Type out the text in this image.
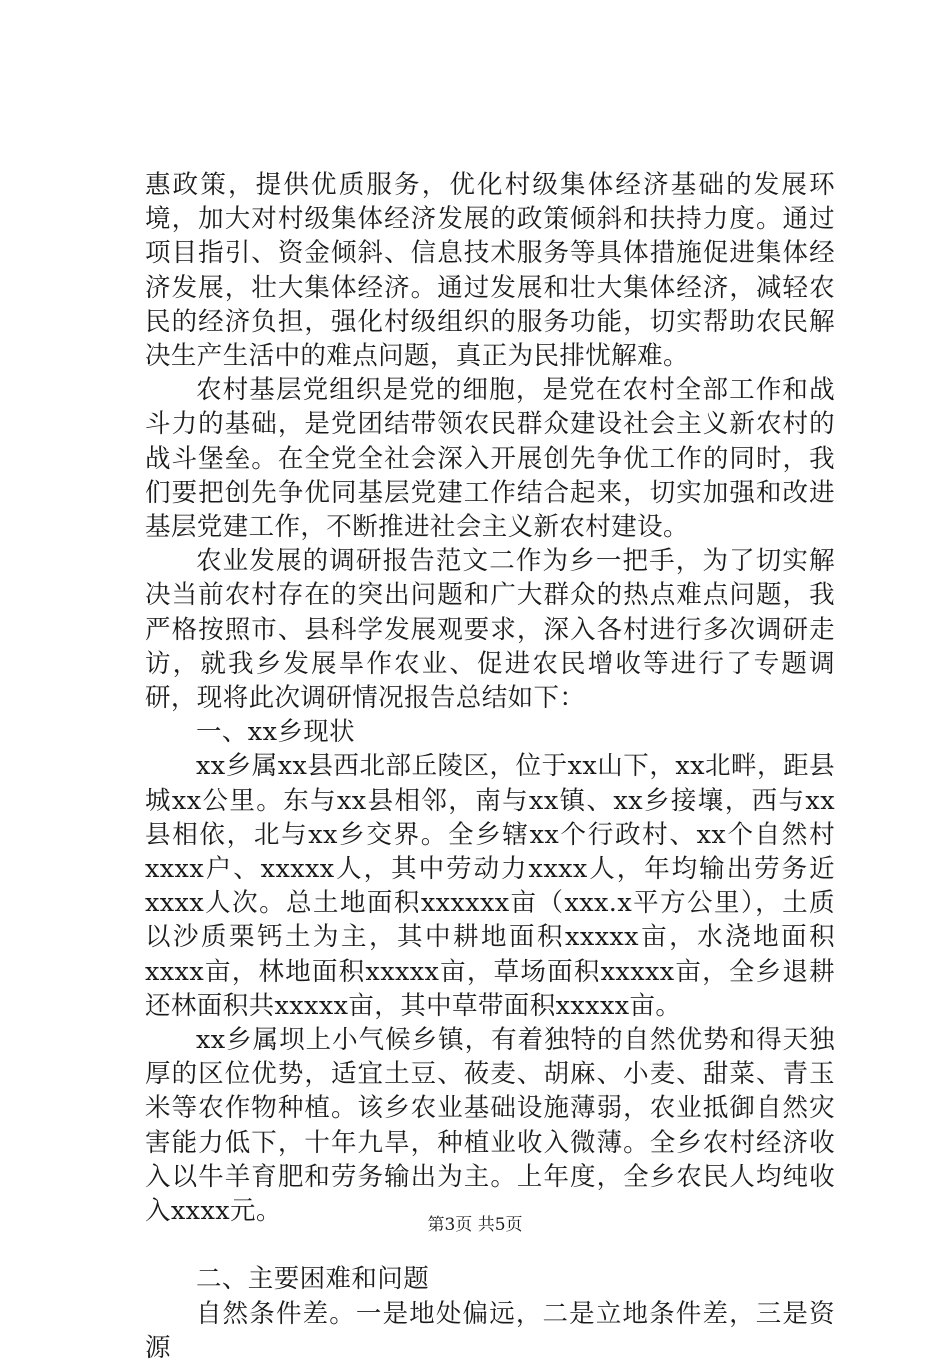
惠政策，提供优质服务，优化村级集体经济基础的发展环境，加大对村级集体经济发展的政策倾斜和扶持力度。通过项目指引、资金倾斜、信息技术服务等具体措施促进集体经济发展，壮大集体经济。通过发展和壮大集体经济，减轻农民的经济负担，强化村级组织的服务功能，切实帮助农民解决生产生活中的难点问题，真正为民排忧解难。

农村基层党组织是党的细胞，是党在农村全部工作和战斗力的基础，是党团结带领农民群众建设社会主义新农村的战斗堡垒。在全党全社会深入开展创先争优工作的同时，我们要把创先争优同基层党建工作结合起来，切实加强和改进基层党建工作，不断推进社会主义新农村建设。

农业发展的调研报告范文二作为乡一把手，为了切实解决当前农村存在的突出问题和广大群众的热点难点问题，我严格按照市、县科学发展观要求，深入各村进行多次调研走访，就我乡发展旱作农业、促进农民增收等进行了专题调研，现将此次调研情况报告总结如下：

一、xx乡现状

xx乡属xx县西北部丘陵区，位于xx山下，xx北畔，距县城xx公里。东与xx县相邻，南与xx镇、xx乡接壤，西与xx县相依，北与xx乡交界。全乡辖xx个行政村、xx个自然村xxxx户、xxxxx人，其中劳动力xxxx人，年均输出劳务近xxxx人次。总土地面积xxxxxx亩（xxx.x平方公里），土质以沙质栗钙土为主，其中耕地面积xxxxx亩，水浇地面积xxxx亩，林地面积xxxxx亩，草场面积xxxxx亩，全乡退耕还林面积共xxxxx亩，其中草带面积xxxxx亩。

xx乡属坝上小气候乡镇，有着独特的自然优势和得天独厚的区位优势，适宜土豆、莜麦、胡麻、小麦、甜菜、青玉米等农作物种植。该乡农业基础设施薄弱，农业抵御自然灾害能力低下，十年九旱，种植业收入微薄。全乡农村经济收入以牛羊育肥和劳务输出为主。上年度，全乡农民人均纯收入xxxx元。

二、主要困难和问题

自然条件差。一是地处偏远，二是立地条件差，三是资源

第3页 共5页
